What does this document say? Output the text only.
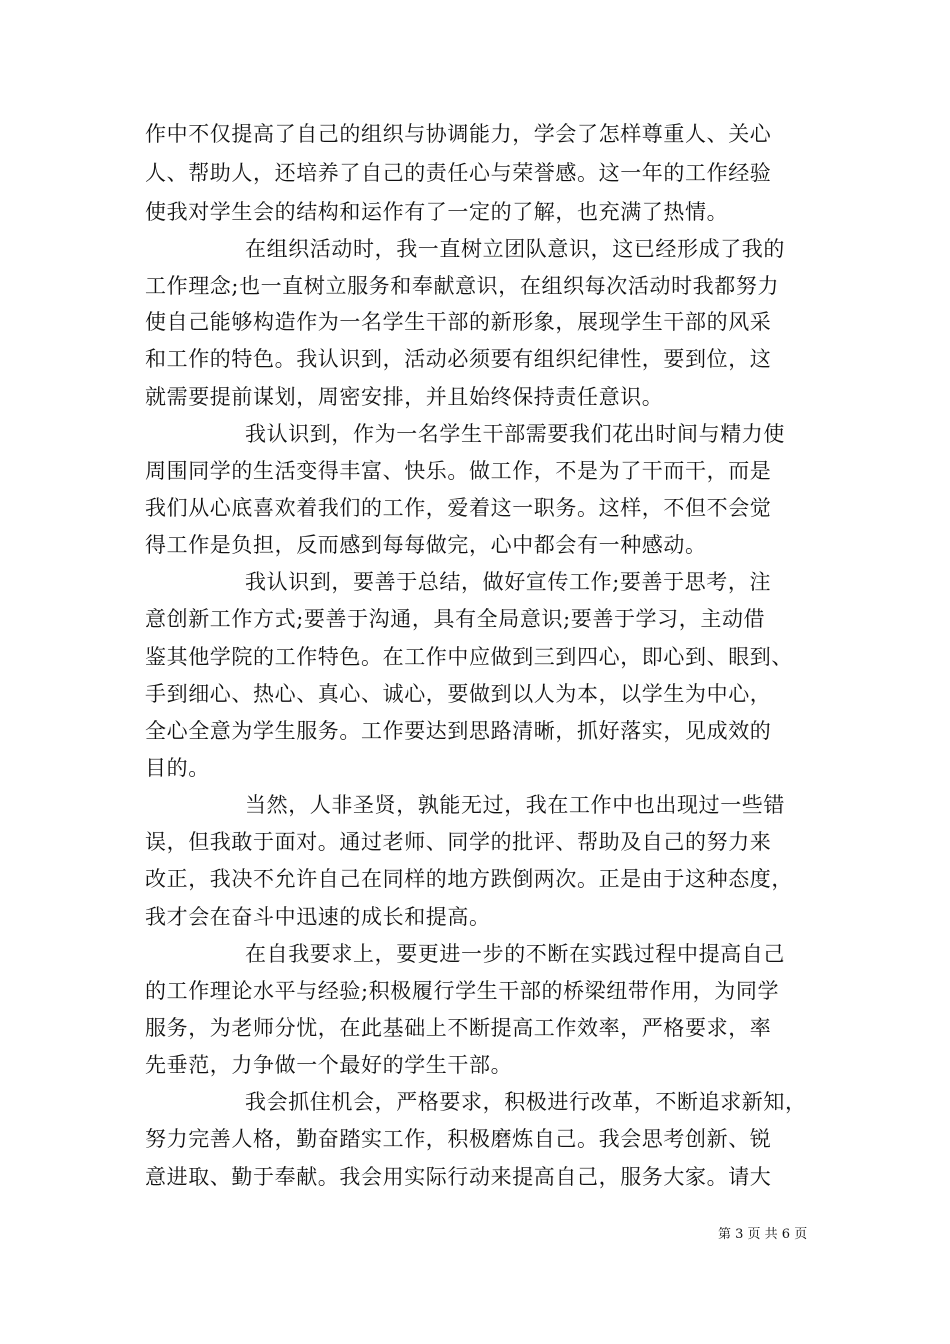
作中不仅提高了自己的组织与协调能力，学会了怎样尊重人、关心
人、帮助人，还培养了自己的责任心与荣誉感。这一年的工作经验
使我对学生会的结构和运作有了一定的了解，也充满了热情。
在组织活动时，我一直树立团队意识，这已经形成了我的
工作理念;也一直树立服务和奉献意识，在组织每次活动时我都努力
使自己能够构造作为一名学生干部的新形象，展现学生干部的风采
和工作的特色。我认识到，活动必须要有组织纪律性，要到位，这
就需要提前谋划，周密安排，并且始终保持责任意识。
我认识到，作为一名学生干部需要我们花出时间与精力使
周围同学的生活变得丰富、快乐。做工作，不是为了干而干，而是
我们从心底喜欢着我们的工作，爱着这一职务。这样，不但不会觉
得工作是负担，反而感到每每做完，心中都会有一种感动。
我认识到，要善于总结，做好宣传工作;要善于思考，注
意创新工作方式;要善于沟通，具有全局意识;要善于学习，主动借
鉴其他学院的工作特色。在工作中应做到三到四心，即心到、眼到、
手到细心、热心、真心、诚心，要做到以人为本，以学生为中心，
全心全意为学生服务。工作要达到思路清晰，抓好落实，见成效的
目的。
当然，人非圣贤，孰能无过，我在工作中也出现过一些错
误，但我敢于面对。通过老师、同学的批评、帮助及自己的努力来
改正，我决不允许自己在同样的地方跌倒两次。正是由于这种态度，
我才会在奋斗中迅速的成长和提高。
在自我要求上，要更进一步的不断在实践过程中提高自己
的工作理论水平与经验;积极履行学生干部的桥梁纽带作用，为同学
服务，为老师分忧，在此基础上不断提高工作效率，严格要求，率
先垂范，力争做一个最好的学生干部。
我会抓住机会，严格要求，积极进行改革，不断追求新知，
努力完善人格，勤奋踏实工作，积极磨炼自己。我会思考创新、锐
意进取、勤于奉献。我会用实际行动来提高自己，服务大家。请大
第 3 页 共 6 页
